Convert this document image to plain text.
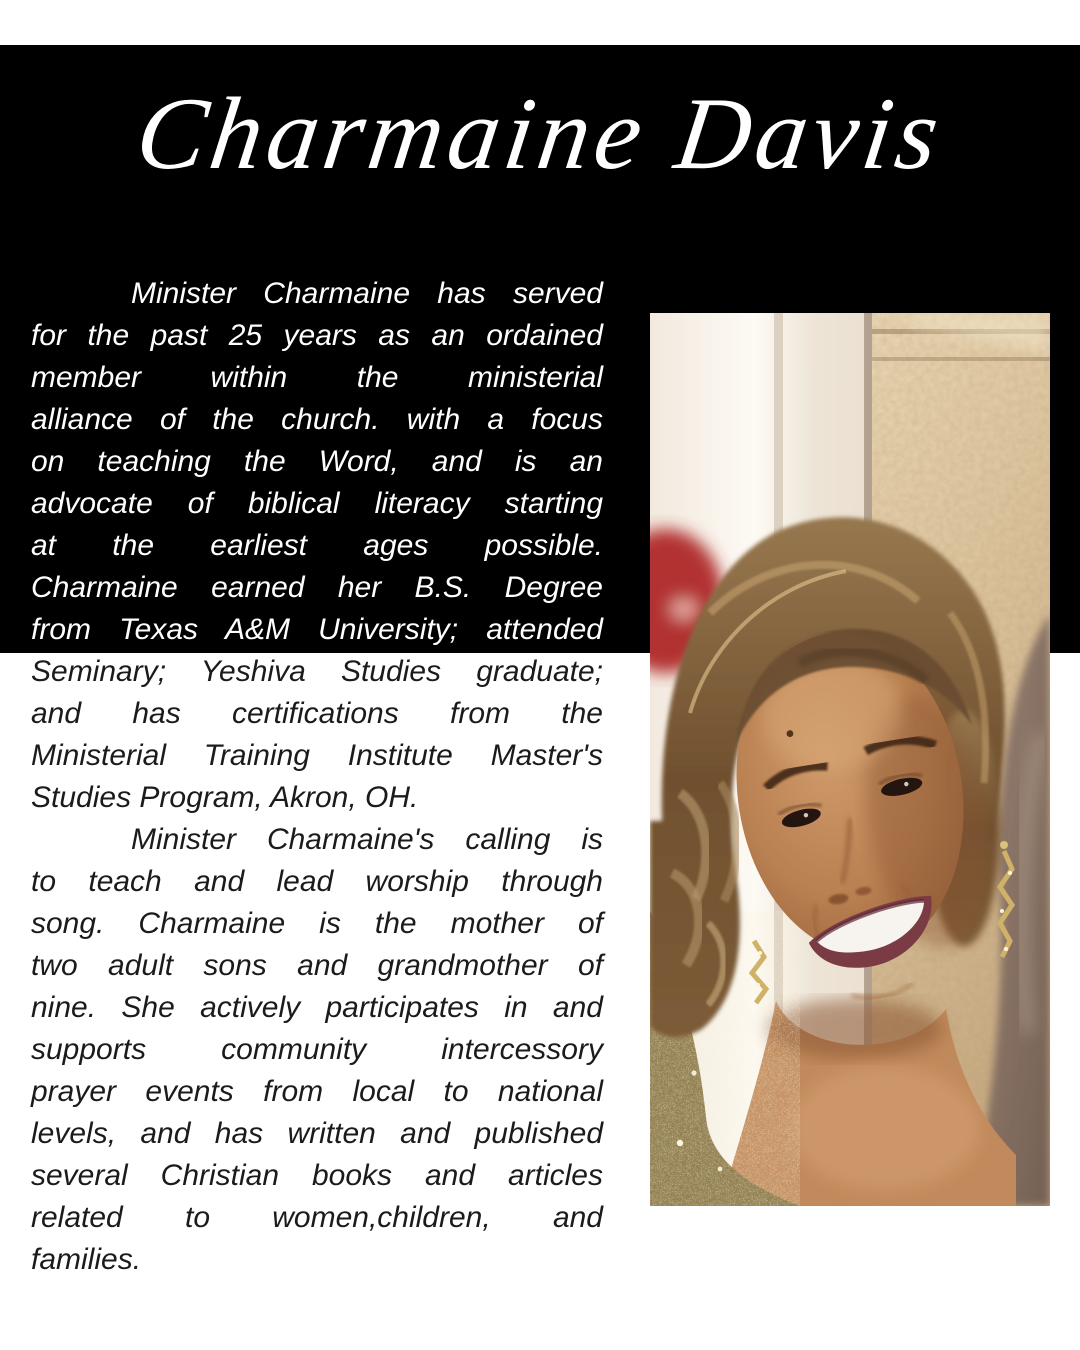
Charmaine Davis
Minister Charmaine has served
for the past 25 years as an ordained
member within the ministerial
alliance of the church. with a focus
on teaching the Word, and is an
advocate of biblical literacy starting
at the earliest ages possible.
Charmaine earned her B.S. Degree
from Texas A&M University; attended
Seminary; Yeshiva Studies graduate;
and has certifications from the
Ministerial Training Institute Master's
Studies Program, Akron, OH.
Minister Charmaine's calling is
to teach and lead worship through
song. Charmaine is the mother of
two adult sons and grandmother of
nine. She actively participates in and
supports community intercessory
prayer events from local to national
levels, and has written and published
several Christian books and articles
related to women,children, and
families.
